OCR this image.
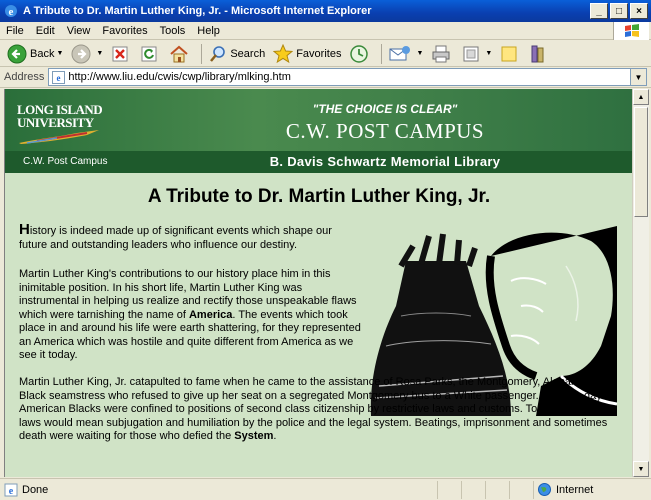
e A Tribute to Dr. Martin Luther King, Jr. - Microsoft Internet Explorer	_ □ ×
File Edit View Favorites Tools Help
Back ▼	▼	Search	Favorites	▼	▼
Address e http://www.liu.edu/cwis/cwp/library/mlking.htm	▼
LONG ISLAND
UNIVERSITY
C.W. Post Campus
"THE CHOICE IS CLEAR"
C.W. POST CAMPUS
B. Davis Schwartz Memorial Library
A Tribute to Dr. Martin Luther King, Jr.

History is indeed made up of significant events which shape our future and outstanding leaders who influence our destiny.

Martin Luther King's contributions to our history place him in this inimitable position. In his short life, Martin Luther King was instrumental in helping us realize and rectify those unspeakable flaws which were tarnishing the name of America. The events which took place in and around his life were earth shattering, for they represented an America which was hostile and quite different from America as we see it today.

Martin Luther King, Jr. catapulted to fame when he came to the assistance of Rosa Parks, the Montgomery, Alabama Black seamstress who refused to give up her seat on a segregated Montgomery bus to a White passenger. In those days American Blacks were confined to positions of second class citizenship by restrictive laws and customs. To break these laws would mean subjugation and humiliation by the police and the legal system. Beatings, imprisonment and sometimes death were waiting for those who defied the System.

▲
▼
e Done	Internet
